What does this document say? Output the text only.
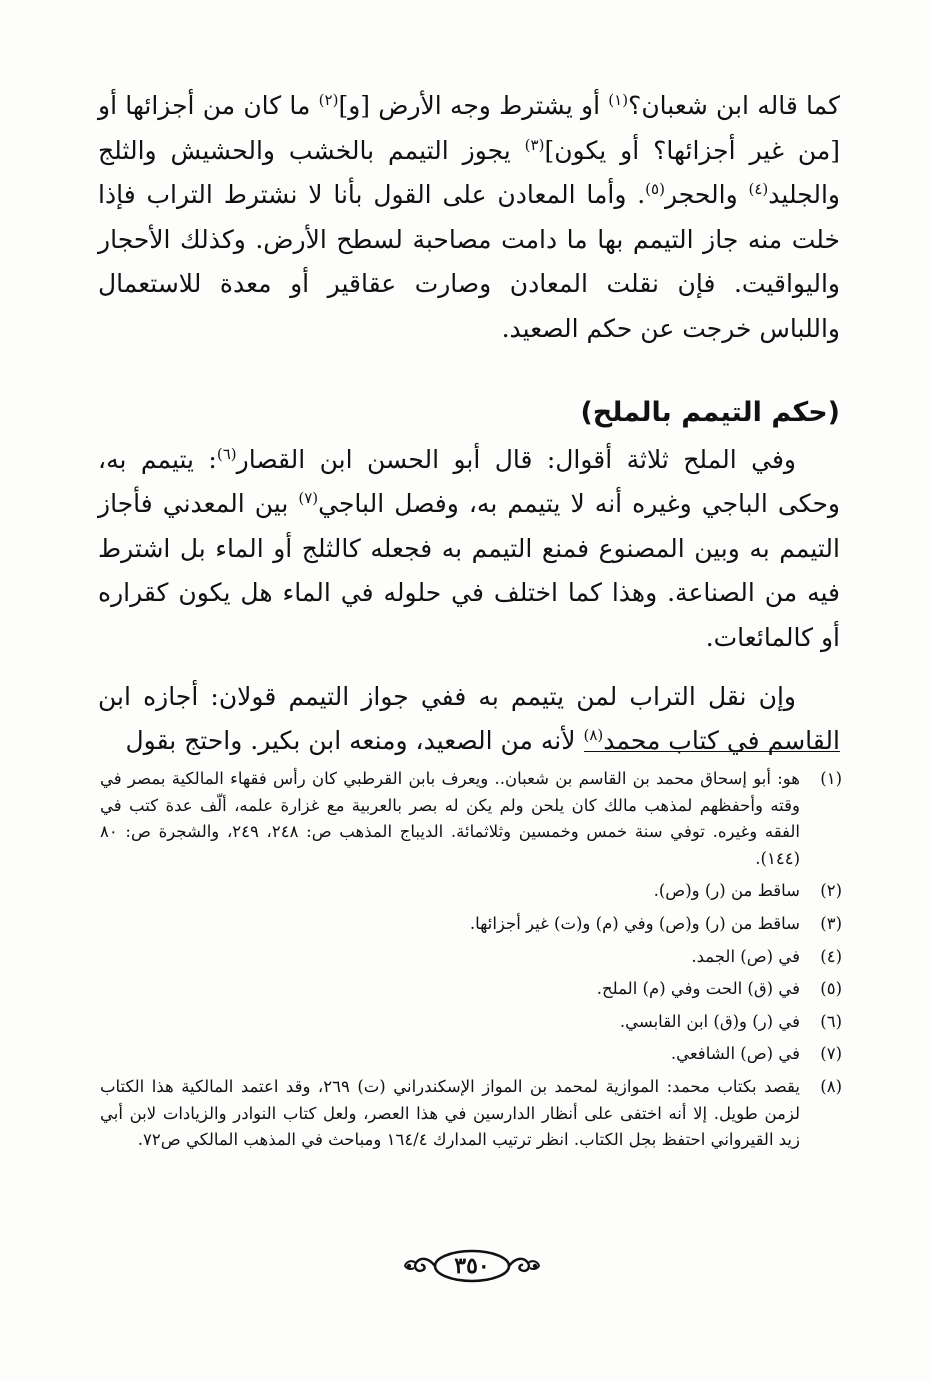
كما قاله ابن شعبان؟$^{(١)}$ أو يشترط وجه الأرض [و]$^{(٢)}$ ما كان من أجزائها أو [من غير أجزائها؟ أو يكون]$^{(٣)}$ يجوز التيمم بالخشب والحشيش والثلج والجليد$^{(٤)}$ والحجر$^{(٥)}$. وأما المعادن على القول بأنا لا نشترط التراب فإذا خلت منه جاز التيمم بها ما دامت مصاحبة لسطح الأرض. وكذلك الأحجار واليواقيت. فإن نقلت المعادن وصارت عقاقير أو معدة للاستعمال واللباس خرجت عن حكم الصعيد.

(حكم التيمم بالملح)

وفي الملح ثلاثة أقوال: قال أبو الحسن ابن القصار$^{(٦)}$: يتيمم به، وحكى الباجي وغيره أنه لا يتيمم به، وفصل الباجي$^{(٧)}$ بين المعدني فأجاز التيمم به وبين المصنوع فمنع التيمم به فجعله كالثلج أو الماء بل اشترط فيه من الصناعة. وهذا كما اختلف في حلوله في الماء هل يكون كقراره أو كالمائعات.

وإن نقل التراب لمن يتيمم به ففي جواز التيمم قولان: أجازه ابن القاسم في كتاب محمد$^{(٨)}$ لأنه من الصعيد، ومنعه ابن بكير. واحتج بقول

(١)
هو: أبو إسحاق محمد بن القاسم بن شعبان.. ويعرف بابن القرطبي كان رأس فقهاء المالكية بمصر في وقته وأحفظهم لمذهب مالك كان يلحن ولم يكن له بصر بالعربية مع غزارة علمه، ألّف عدة كتب في الفقه وغيره. توفي سنة خمس وخمسين وثلاثمائة. الديباج المذهب ص: ٢٤٨، ٢٤٩، والشجرة ص: ٨٠ (١٤٤).
(٢)
ساقط من (ر) و(ص).
(٣)
ساقط من (ر) و(ص) وفي (م) و(ت) غير أجزائها.
(٤)
في (ص) الجمد.
(٥)
في (ق) الحت وفي (م) الملح.
(٦)
في (ر) و(ق) ابن القابسي.
(٧)
في (ص) الشافعي.
(٨)
يقصد بكتاب محمد: الموازية لمحمد بن المواز الإسكندراني (ت) ٢٦٩، وقد اعتمد المالكية هذا الكتاب لزمن طويل. إلا أنه اختفى على أنظار الدارسين في هذا العصر، ولعل كتاب النوادر والزيادات لابن أبي زيد القيرواني احتفظ بجل الكتاب. انظر ترتيب المدارك ١٦٤/٤ ومباحث في المذهب المالكي ص٧٢.
٣٥٠
